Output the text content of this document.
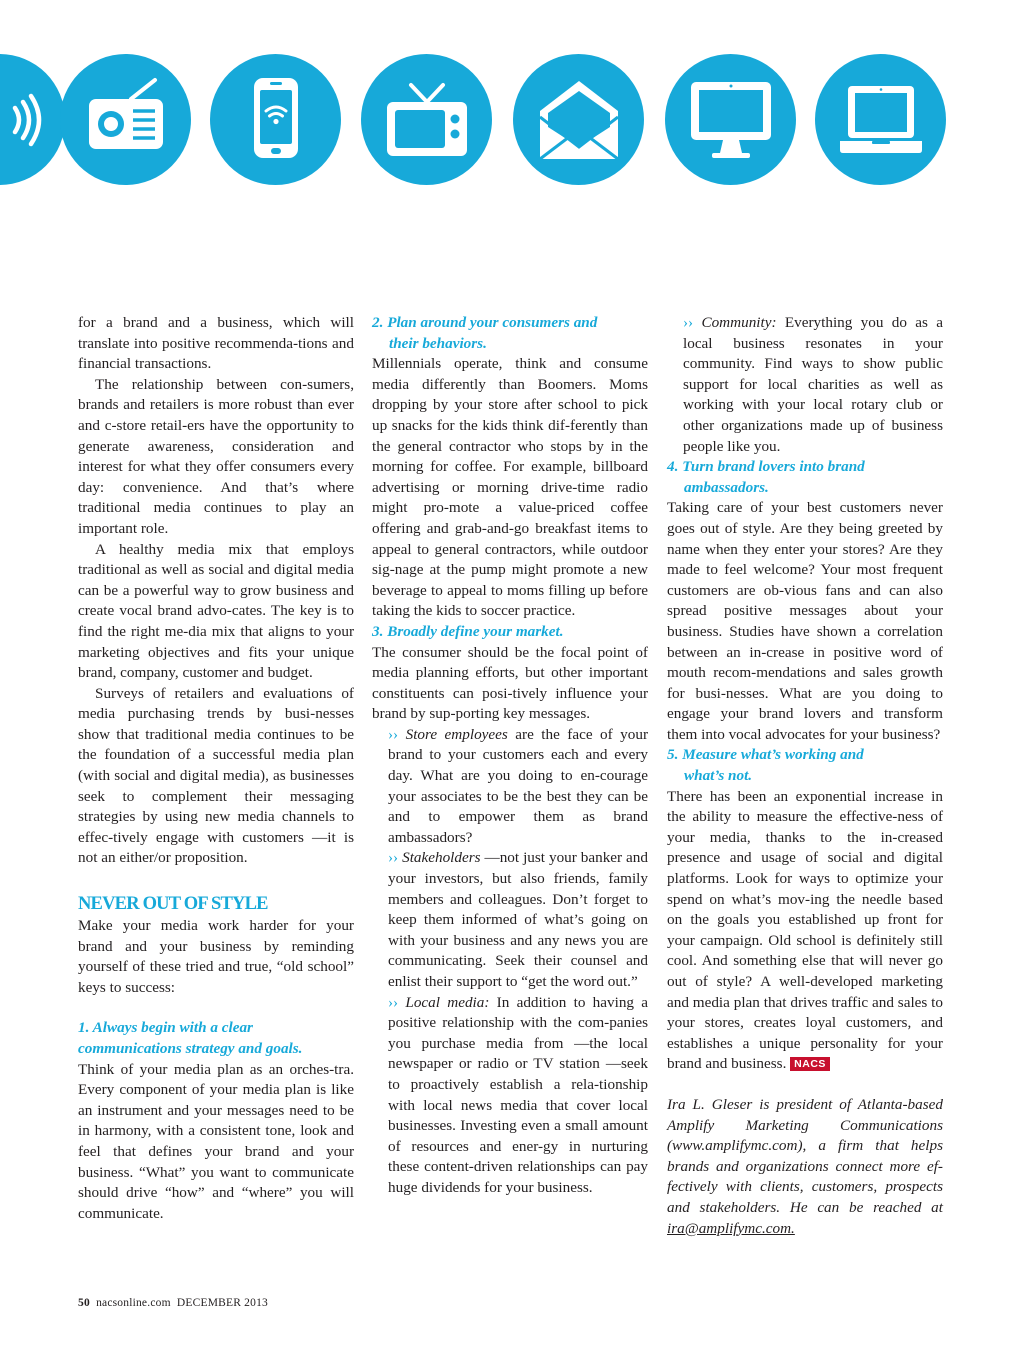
for a brand and a business, which will translate into positive recommenda-tions and financial transactions.

The relationship between con-sumers, brands and retailers is more robust than ever and c-store retail-ers have the opportunity to generate awareness, consideration and interest for what they offer consumers every day: convenience. And that’s where traditional media continues to play an important role.

A healthy media mix that employs traditional as well as social and digital media can be a powerful way to grow business and create vocal brand advo-cates. The key is to find the right me-dia mix that aligns to your marketing objectives and fits your unique brand, company, customer and budget.

Surveys of retailers and evaluations of media purchasing trends by busi-nesses show that traditional media continues to be the foundation of a successful media plan (with social and digital media), as businesses seek to complement their messaging strategies by using new media channels to effec-tively engage with customers —it is not an either/or proposition.

NEVER OUT OF STYLE

Make your media work harder for your brand and your business by reminding yourself of these tried and true, “old school” keys to success:

1. Always begin with a clear
communications strategy and goals.

Think of your media plan as an orches-tra. Every component of your media plan is like an instrument and your messages need to be in harmony, with a consistent tone, look and feel that defines your brand and your business. “What” you want to communicate should drive “how” and “where” you will communicate.

2. Plan around your consumers and
their behaviors.

Millennials operate, think and consume media differently than Boomers. Moms dropping by your store after school to pick up snacks for the kids think dif-ferently than the general contractor who stops by in the morning for coffee. For example, billboard advertising or morning drive-time radio might pro-mote a value-priced coffee offering and grab-and-go breakfast items to appeal to general contractors, while outdoor sig-nage at the pump might promote a new beverage to appeal to moms filling up before taking the kids to soccer practice.

3. Broadly define your market.

The consumer should be the focal point of media planning efforts, but other important constituents can posi-tively influence your brand by sup-porting key messages.

›› Store employees are the face of your brand to your customers each and every day. What are you doing to en-courage your associates to be the best they can be and to empower them as brand ambassadors?

›› Stakeholders —not just your banker and your investors, but also friends, family members and colleagues. Don’t forget to keep them informed of what’s going on with your business and any news you are communicating. Seek their counsel and enlist their support to “get the word out.”

›› Local media: In addition to having a positive relationship with the com-panies you purchase media from —the local newspaper or radio or TV station —seek to proactively establish a rela-tionship with local news media that cover local businesses. Investing even a small amount of resources and ener-gy in nurturing these content-driven relationships can pay huge dividends for your business.

›› Community: Everything you do as a local business resonates in your community. Find ways to show public support for local charities as well as working with your local rotary club or other organizations made up of business people like you.

4. Turn brand lovers into brand
ambassadors.

Taking care of your best customers never goes out of style. Are they being greeted by name when they enter your stores? Are they made to feel welcome? Your most frequent customers are ob-vious fans and can also spread positive messages about your business. Studies have shown a correlation between an in-crease in positive word of mouth recom-mendations and sales growth for busi-nesses. What are you doing to engage your brand lovers and transform them into vocal advocates for your business?

5. Measure what’s working and
what’s not.

There has been an exponential increase in the ability to measure the effective-ness of your media, thanks to the in-creased presence and usage of social and digital platforms. Look for ways to optimize your spend on what’s mov-ing the needle based on the goals you established up front for your campaign. Old school is definitely still cool. And something else that will never go out of style? A well-developed marketing and media plan that drives traffic and sales to your stores, creates loyal customers, and establishes a unique personality for your brand and business. NACS

Ira L. Gleser is president of Atlanta-based Amplify Marketing Communications (www.amplifymc.com), a firm that helps brands and organizations connect more ef-fectively with clients, customers, prospects and stakeholders. He can be reached at ira@amplifymc.com.

50 nacsonline.com DECEMBER 2013
